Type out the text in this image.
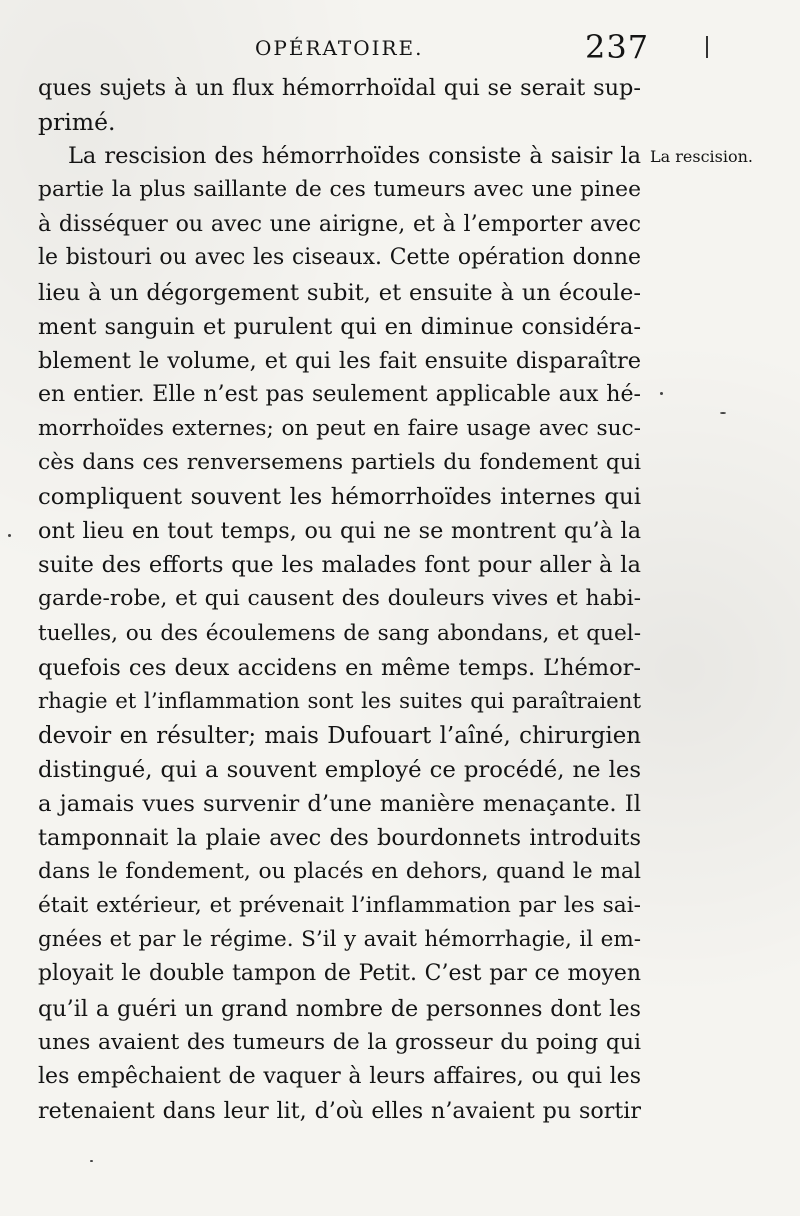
OPÉRATOIRE.	237
La rescision.
ques sujets à un flux hémorrhoïdal qui se serait sup-
primé.
La rescision des hémorrhoïdes consiste à saisir la
partie la plus saillante de ces tumeurs avec une pinee
à disséquer ou avec une airigne, et à l’emporter avec
le bistouri ou avec les ciseaux. Cette opération donne
lieu à un dégorgement subit, et ensuite à un écoule-
ment sanguin et purulent qui en diminue considéra-
blement le volume, et qui les fait ensuite disparaître
en entier. Elle n’est pas seulement applicable aux hé-
morrhoïdes externes; on peut en faire usage avec suc-
cès dans ces renversemens partiels du fondement qui
compliquent souvent les hémorrhoïdes internes qui
ont lieu en tout temps, ou qui ne se montrent qu’à la
suite des efforts que les malades font pour aller à la
garde-robe, et qui causent des douleurs vives et habi-
tuelles, ou des écoulemens de sang abondans, et quel-
quefois ces deux accidens en même temps. L’hémor-
rhagie et l’inflammation sont les suites qui paraîtraient
devoir en résulter; mais Dufouart l’aîné, chirurgien
distingué, qui a souvent employé ce procédé, ne les
a jamais vues survenir d’une manière menaçante. Il
tamponnait la plaie avec des bourdonnets introduits
dans le fondement, ou placés en dehors, quand le mal
était extérieur, et prévenait l’inflammation par les sai-
gnées et par le régime. S’il y avait hémorrhagie, il em-
ployait le double tampon de Petit. C’est par ce moyen
qu’il a guéri un grand nombre de personnes dont les
unes avaient des tumeurs de la grosseur du poing qui
les empêchaient de vaquer à leurs affaires, ou qui les
retenaient dans leur lit, d’où elles n’avaient pu sortir
